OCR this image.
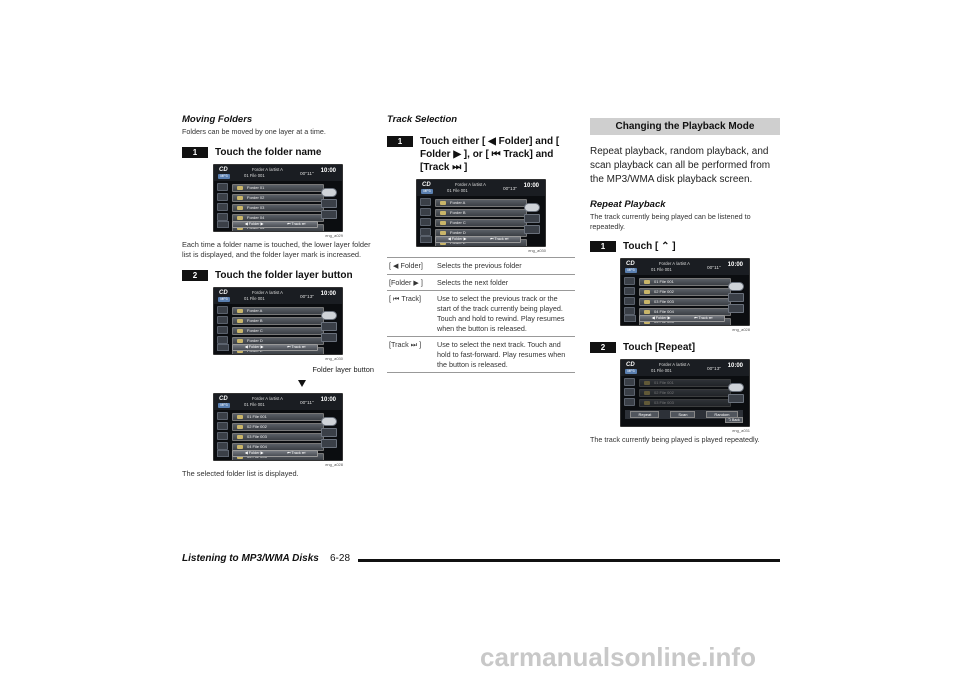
Moving Folders
Folders can be moved by one layer at a time.
1	Touch the folder name
CD
MP3
Forder A /artist A
01 File 001	00"11"
10:00
Forder 01
Forder 02
Forder 03
Forder 04
◀ Folder ▶	⏮ Track ⏭
eng_a029
Each time a folder name is touched, the lower layer folder list is displayed, and the folder layer mark is increased.
2	Touch the folder layer button
CD
MP3
Forder A /artist A
01 File 001	00"13"
10:00
Forder A
Forder B
Forder C
Forder D
◀ Folder ▶	⏮ Track ⏭
eng_a030
Folder layer button
CD
MP3
Forder A /artist A
01 File 001	00"11"
10:00
01 File 001
02 File 002
03 File 003
04 File 004
◀ Folder ▶	⏮ Track ⏭
eng_a028
The selected folder list is displayed.
Track Selection
1	Touch either [ ◀ Folder] and [ Folder ▶ ], or [ ⏮ Track] and [Track ⏭ ]
CD
MP3
Forder A /artist A
01 File 001	00"13"
10:00
Forder A
Forder B
Forder C
Forder D
◀ Folder ▶	⏮ Track ⏭
eng_a030
[ ◀ Folder]	Selects the previous folder
[Folder ▶ ]	Selects the next folder
[ ⏮ Track]	Use to select the previous track or the start of the track currently being played. Touch and hold to rewind. Play resumes when the button is released.
[Track ⏭ ]	Use to select the next track. Touch and hold to fast-forward. Play resumes when the button is released.
Changing the Playback Mode
Repeat playback, random playback, and scan playback can all be performed from the MP3/WMA disk playback screen.
Repeat Playback
The track currently being played can be listened to repeatedly.
1	Touch [ ⌃ ]
CD
MP3
Forder A /artist A
01 File 001	00"11"
10:00
01 File 001
02 File 002
03 File 003
04 File 004
◀ Folder ▶	⏮ Track ⏭
eng_a028
2	Touch [Repeat]
CD
MP3
Forder A /artist A
01 File 001	00"13"
10:00
01 File 001
02 File 002
03 File 003
Repeat	Scan	Random
⮌ Back
eng_a031
The track currently being played is played repeatedly.
Listening to MP3/WMA Disks 6-28
carmanualsonline.info
